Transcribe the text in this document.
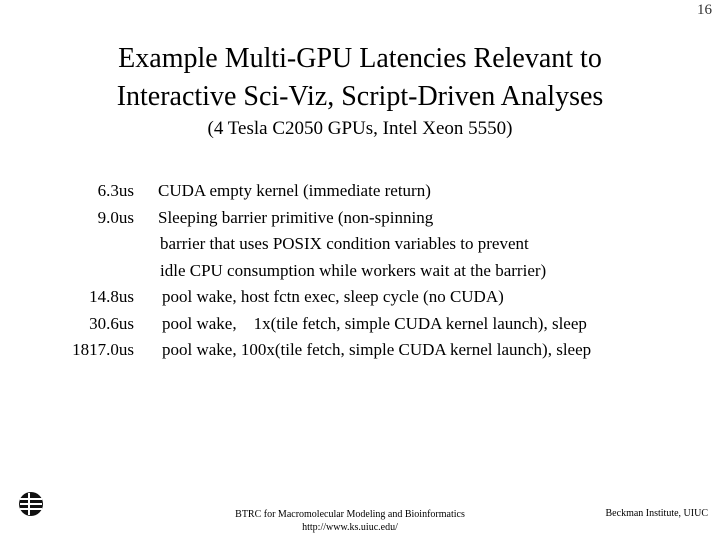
16
Example Multi-GPU Latencies Relevant to
Interactive Sci-Viz, Script-Driven Analyses
(4 Tesla C2050 GPUs, Intel Xeon 5550)
6.3us
9.0us
14.8us
30.6us
1817.0us
CUDA empty kernel (immediate return)
Sleeping barrier primitive (non-spinning
barrier that uses POSIX condition variables to prevent
idle CPU consumption while workers wait at the barrier)
pool wake, host fctn exec, sleep cycle (no CUDA)
pool wake,    1x(tile fetch, simple CUDA kernel launch), sleep
pool wake, 100x(tile fetch, simple CUDA kernel launch), sleep
BTRC for Macromolecular Modeling and Bioinformatics
http://www.ks.uiuc.edu/
Beckman Institute, UIUC
